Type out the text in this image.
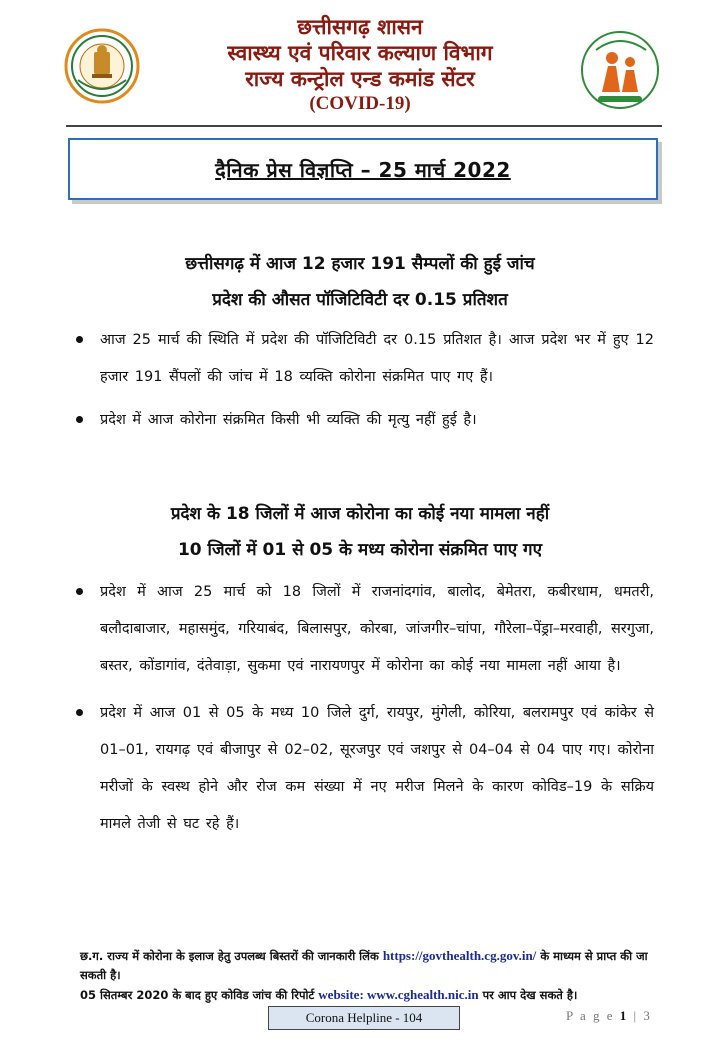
छत्तीसगढ़ शासन
स्वास्थ्य एवं परिवार कल्याण विभाग
राज्य कन्ट्रोल एन्ड कमांड सेंटर
(COVID-19)
दैनिक प्रेस विज्ञप्ति – 25 मार्च 2022
छत्तीसगढ़ में आज 12 हजार 191 सैम्पलों की हुई जांच
प्रदेश की औसत पॉजिटिविटी दर 0.15 प्रतिशत
आज 25 मार्च की स्थिति में प्रदेश की पॉजिटिविटी दर 0.15 प्रतिशत है। आज प्रदेश भर में हुए 12 हजार 191 सैंपलों की जांच में 18 व्यक्ति कोरोना संक्रमित पाए गए हैं।
प्रदेश में आज कोरोना संक्रमित किसी भी व्यक्ति की मृत्यु नहीं हुई है।
प्रदेश के 18 जिलों में आज कोरोना का कोई नया मामला नहीं
10 जिलों में 01 से 05 के मध्य कोरोना संक्रमित पाए गए
प्रदेश में आज 25 मार्च को 18 जिलों में राजनांदगांव, बालोद, बेमेतरा, कबीरधाम, धमतरी, बलौदाबाजार, महासमुंद, गरियाबंद, बिलासपुर, कोरबा, जांजगीर–चांपा, गौरेला–पेंड्रा–मरवाही, सरगुजा, बस्तर, कोंडागांव, दंतेवाड़ा, सुकमा एवं नारायणपुर में कोरोना का कोई नया मामला नहीं आया है।
प्रदेश में आज 01 से 05 के मध्य 10 जिले दुर्ग, रायपुर, मुंगेली, कोरिया, बलरामपुर एवं कांकेर से 01–01, रायगढ़ एवं बीजापुर से 02–02, सूरजपुर एवं जशपुर से 04–04 से 04 पाए गए। कोरोना मरीजों के स्वस्थ होने और रोज कम संख्या में नए मरीज मिलने के कारण कोविड–19 के सक्रिय मामले तेजी से घट रहे हैं।
छ.ग. राज्य में कोरोना के इलाज हेतु उपलब्ध बिस्तरों की जानकारी लिंक https://govthealth.cg.gov.in/ के माध्यम से प्राप्त की जा सकती है।
05 सितम्बर 2020 के बाद हुए कोविड जांच की रिपोर्ट website: www.cghealth.nic.in पर आप देख सकते है।
Corona Helpline - 104	P a g e 1 | 3
